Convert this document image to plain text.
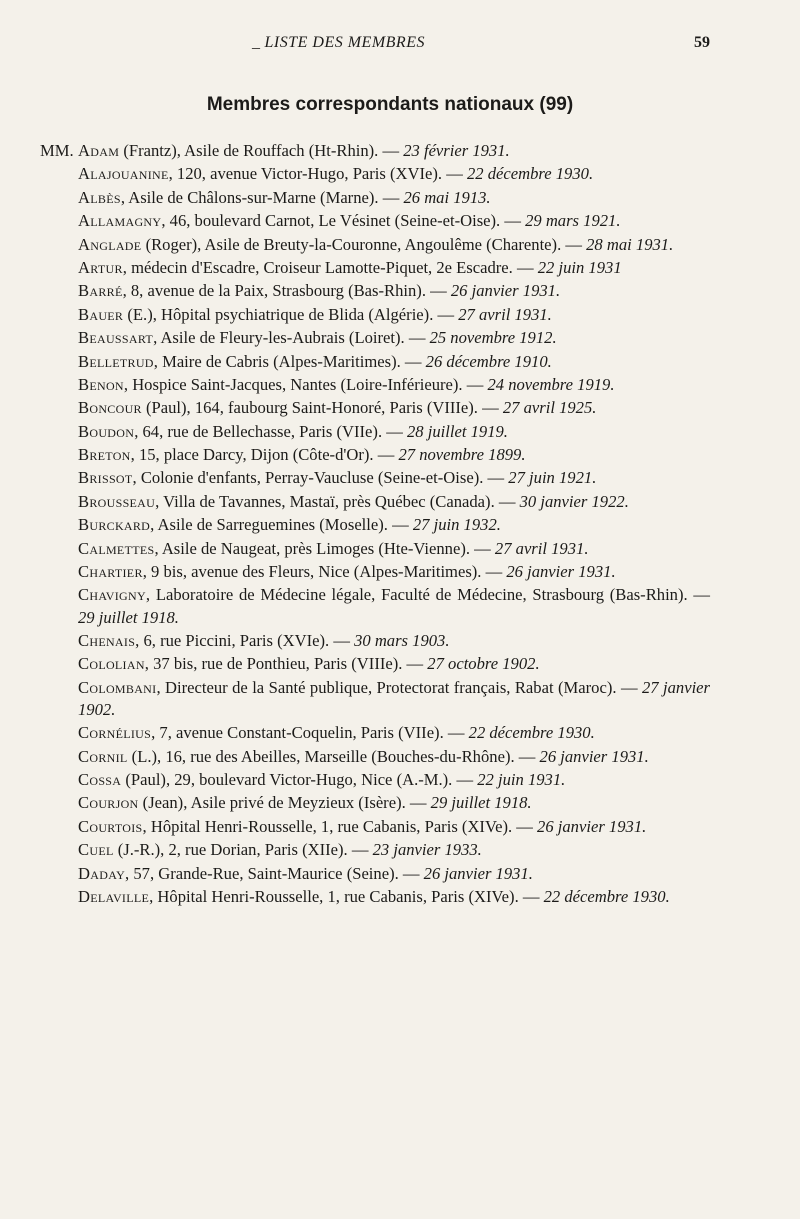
_ LISTE DES MEMBRES	59
Membres correspondants nationaux (99)
MM. Adam (Frantz), Asile de Rouffach (Ht-Rhin). — 23 février 1931.
Alajouanine, 120, avenue Victor-Hugo, Paris (XVIe). — 22 décembre 1930.
Albès, Asile de Châlons-sur-Marne (Marne). — 26 mai 1913.
Allamagny, 46, boulevard Carnot, Le Vésinet (Seine-et-Oise). — 29 mars 1921.
Anglade (Roger), Asile de Breuty-la-Couronne, Angoulême (Charente). — 28 mai 1931.
Artur, médecin d'Escadre, Croiseur Lamotte-Piquet, 2e Escadre. — 22 juin 1931
Barré, 8, avenue de la Paix, Strasbourg (Bas-Rhin). — 26 janvier 1931.
Bauer (E.), Hôpital psychiatrique de Blida (Algérie). — 27 avril 1931.
Beaussart, Asile de Fleury-les-Aubrais (Loiret). — 25 novembre 1912.
Belletrud, Maire de Cabris (Alpes-Maritimes). — 26 décembre 1910.
Benon, Hospice Saint-Jacques, Nantes (Loire-Inférieure). — 24 novembre 1919.
Boncour (Paul), 164, faubourg Saint-Honoré, Paris (VIIIe). — 27 avril 1925.
Boudon, 64, rue de Bellechasse, Paris (VIIe). — 28 juillet 1919.
Breton, 15, place Darcy, Dijon (Côte-d'Or). — 27 novembre 1899.
Brissot, Colonie d'enfants, Perray-Vaucluse (Seine-et-Oise). — 27 juin 1921.
Brousseau, Villa de Tavannes, Mastaï, près Québec (Canada). — 30 janvier 1922.
Burckard, Asile de Sarreguemines (Moselle). — 27 juin 1932.
Calmettes, Asile de Naugeat, près Limoges (Hte-Vienne). — 27 avril 1931.
Chartier, 9 bis, avenue des Fleurs, Nice (Alpes-Maritimes). — 26 janvier 1931.
Chavigny, Laboratoire de Médecine légale, Faculté de Médecine, Strasbourg (Bas-Rhin). — 29 juillet 1918.
Chenais, 6, rue Piccini, Paris (XVIe). — 30 mars 1903.
Cololian, 37 bis, rue de Ponthieu, Paris (VIIIe). — 27 octobre 1902.
Colombani, Directeur de la Santé publique, Protectorat français, Rabat (Maroc). — 27 janvier 1902.
Cornélius, 7, avenue Constant-Coquelin, Paris (VIIe). — 22 décembre 1930.
Cornil (L.), 16, rue des Abeilles, Marseille (Bouches-du-Rhône). — 26 janvier 1931.
Cossa (Paul), 29, boulevard Victor-Hugo, Nice (A.-M.). — 22 juin 1931.
Courjon (Jean), Asile privé de Meyzieux (Isère). — 29 juillet 1918.
Courtois, Hôpital Henri-Rousselle, 1, rue Cabanis, Paris (XIVe). — 26 janvier 1931.
Cuel (J.-R.), 2, rue Dorian, Paris (XIIe). — 23 janvier 1933.
Daday, 57, Grande-Rue, Saint-Maurice (Seine). — 26 janvier 1931.
Delaville, Hôpital Henri-Rousselle, 1, rue Cabanis, Paris (XIVe). — 22 décembre 1930.
